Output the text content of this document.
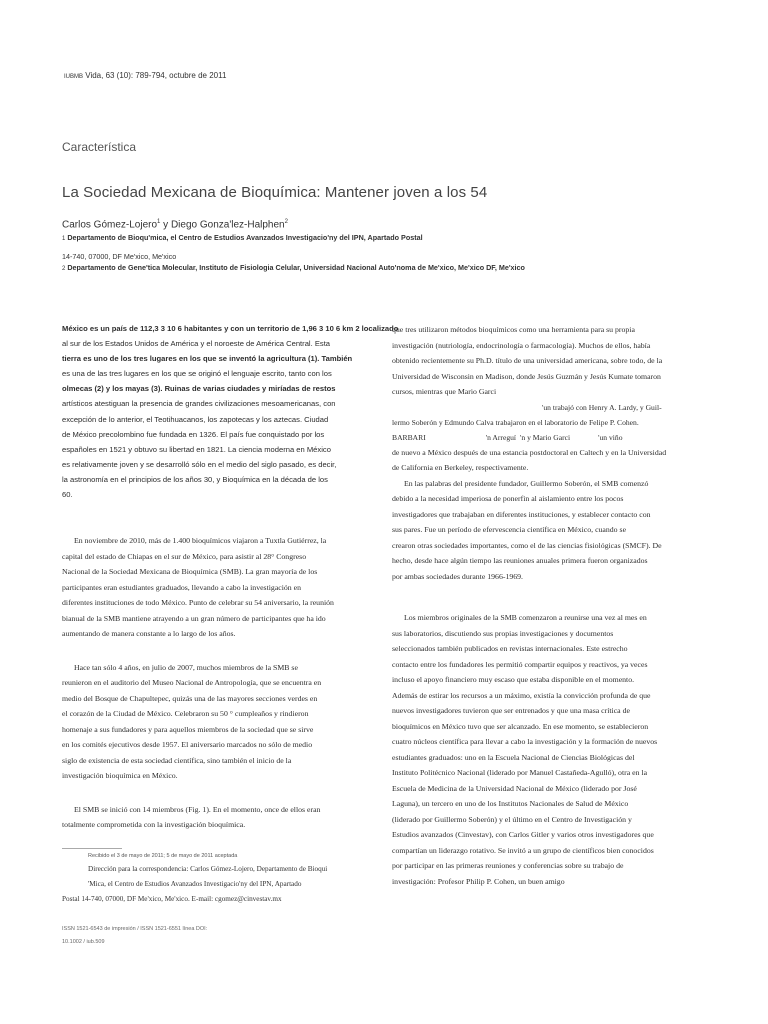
IUBMB Vida, 63 (10): 789-794, octubre de 2011
Característica
La Sociedad Mexicana de Bioquímica: Mantener joven a los 54
Carlos Gómez-Lojero$^1$ y Diego Gonza'lez-Halphen$^2$
1 Departamento de Bioqu'mica, el Centro de Estudios Avanzados Investigacio'ny del IPN, Apartado Postal
14-740, 07000, DF Me'xico, Me'xico
2 Departamento de Gene'tica Molecular, Instituto de Fisiologia Celular, Universidad Nacional Auto'noma de Me'xico, Me'xico DF, Me'xico
México es un país de 112,3 3 10 6 habitantes y con un territorio de 1,96 3 10 6 km 2 localizado
al sur de los Estados Unidos de América y el noroeste de América Central. Esta
tierra es uno de los tres lugares en los que se inventó la agricultura (1). También
es una de las tres lugares en los que se originó el lenguaje escrito, tanto con los
olmecas (2) y los mayas (3). Ruinas de varias ciudades y miríadas de restos
artísticos atestiguan la presencia de grandes civilizaciones mesoamericanas, con
excepción de lo anterior, el Teotihuacanos, los zapotecas y los aztecas. Ciudad
de México precolombino fue fundada en 1326. El país fue conquistado por los
españoles en 1521 y obtuvo su libertad en 1821. La ciencia moderna en México
es relativamente joven y se desarrolló sólo en el medio del siglo pasado, es decir,
la astronomía en el principios de los años 30, y Bioquímica en la década de los
60.
En noviembre de 2010, más de 1.400 bioquímicos viajaron a Tuxtla Gutiérrez, la
capital del estado de Chiapas en el sur de México, para asistir al 28° Congreso
Nacional de la Sociedad Mexicana de Bioquímica (SMB). La gran mayoría de los
participantes eran estudiantes graduados, llevando a cabo la investigación en
diferentes instituciones de todo México. Punto de celebrar su 54 aniversario, la reunión
bianual de la SMB mantiene atrayendo a un gran número de participantes que ha ido
aumentando de manera constante a lo largo de los años.
Hace tan sólo 4 años, en julio de 2007, muchos miembros de la SMB se
reunieron en el auditorio del Museo Nacional de Antropología, que se encuentra en
medio del Bosque de Chapultepec, quizás una de las mayores secciones verdes en
el corazón de la Ciudad de México. Celebraron su 50 ° cumpleaños y rindieron
homenaje a sus fundadores y para aquellos miembros de la sociedad que se sirve
en los comités ejecutivos desde 1957. El aniversario marcados no sólo de medio
siglo de existencia de esta sociedad científica, sino también el inicio de la
investigación bioquímica en México.
El SMB se inició con 14 miembros (Fig. 1). En el momento, once de ellos eran
totalmente comprometida con la investigación bioquímica.
que tres utilizaron métodos bioquímicos como una herramienta para su propia
investigación (nutriología, endocrinología o farmacología). Muchos de ellos, había
obtenido recientemente su Ph.D. título de una universidad americana, sobre todo, de la
Universidad de Wisconsin en Madison, donde Jesús Guzmán y Jesús Kumate tomaron
cursos, mientras que Mario Garci
'un trabajó con Henry A. Lardy, y Guil-
lermo Soberón y Edmundo Calva trabajaron en el laboratorio de Felipe P. Cohen.
BARBARI	'n Arreguí 'n y Mario Garci	'un viño
de nuevo a México después de una estancia postdoctoral en Caltech y en la Universidad
de California en Berkeley, respectivamente.
En las palabras del presidente fundador, Guillermo Soberón, el SMB comenzó
debido a la necesidad imperiosa de ponerfin al aislamiento entre los pocos
investigadores que trabajaban en diferentes instituciones, y establecer contacto con
sus pares. Fue un período de efervescencia científica en México, cuando se
crearon otras sociedades importantes, como el de las ciencias fisiológicas (SMCF). De
hecho, desde hace algún tiempo las reuniones anuales primera fueron organizados
por ambas sociedades durante 1966-1969.
Los miembros originales de la SMB comenzaron a reunirse una vez al mes en
sus laboratorios, discutiendo sus propias investigaciones y documentos
seleccionados también publicados en revistas internacionales. Este estrecho
contacto entre los fundadores les permitió compartir equipos y reactivos, ya veces
incluso el apoyo financiero muy escaso que estaba disponible en el momento.
Además de estirar los recursos a un máximo, existía la convicción profunda de que
nuevos investigadores tuvieron que ser entrenados y que una masa crítica de
bioquímicos en México tuvo que ser alcanzado. En ese momento, se establecieron
cuatro núcleos científica para llevar a cabo la investigación y la formación de nuevos
estudiantes graduados: uno en la Escuela Nacional de Ciencias Biológicas del
Instituto Politécnico Nacional (liderado por Manuel Castañeda-Agulló), otra en la
Escuela de Medicina de la Universidad Nacional de México (liderado por José
Laguna), un tercero en uno de los Institutos Nacionales de Salud de México
(liderado por Guillermo Soberón) y el último en el Centro de Investigación y
Estudios avanzados (Cinvestav), con Carlos Gitler y varios otros investigadores que
compartían un liderazgo rotativo. Se invitó a un grupo de científicos bien conocidos
por participar en las primeras reuniones y conferencias sobre su trabajo de
investigación: Profesor Philip P. Cohen, un buen amigo
Recibido el 3 de mayo de 2011; 5 de mayo de 2011 aceptada
Dirección para la correspondencia: Carlos Gómez-Lojero, Departamento de Bioqui
'Mica, el Centro de Estudios Avanzados Investigacio'ny del IPN, Apartado
Postal 14-740, 07000, DF Me'xico, Me'xico. E-mail: cgomez@cinvestav.mx
ISSN 1521-6543 de impresión / ISSN 1521-6551 línea DOI:
10.1002 / iub.509
